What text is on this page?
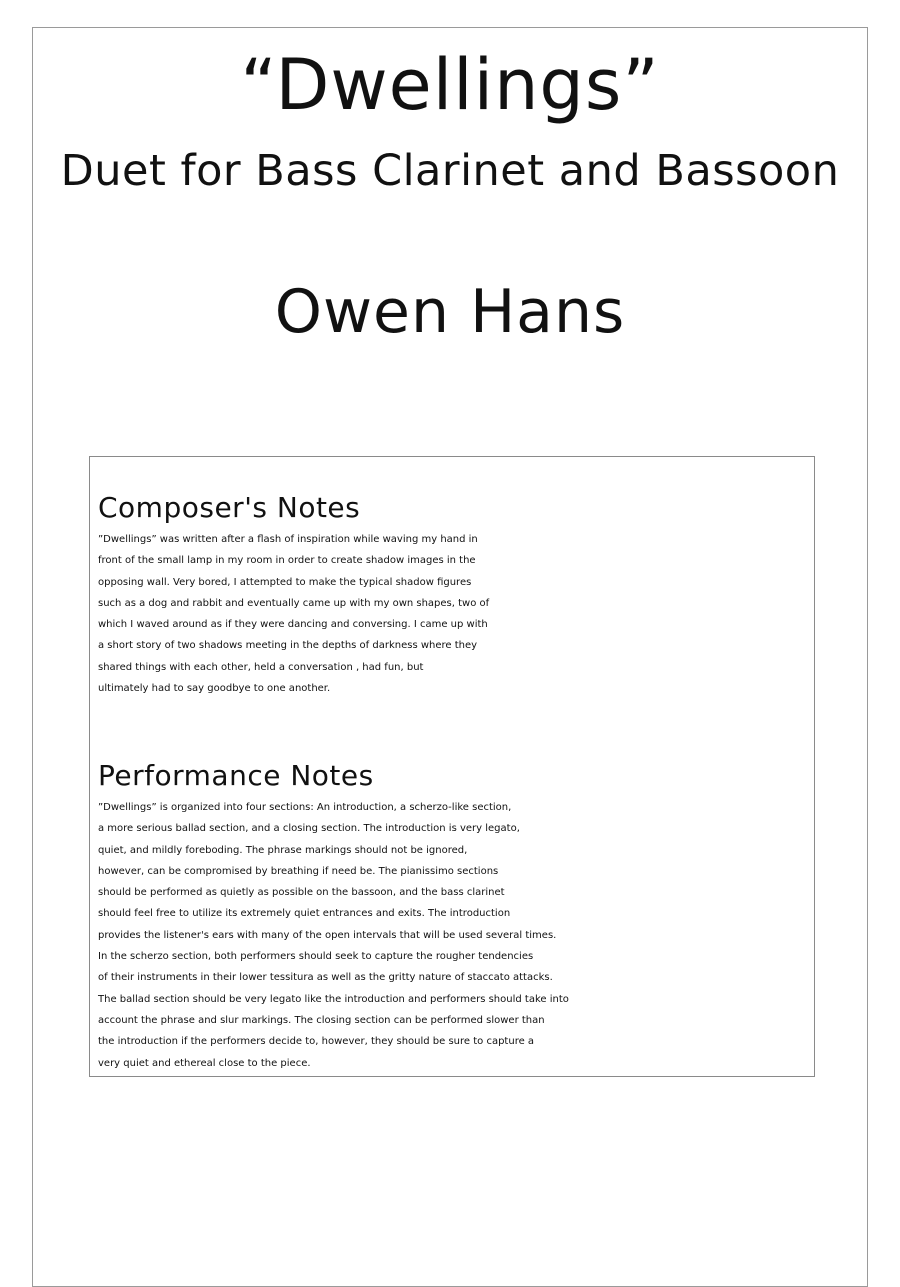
“Dwellings”
Duet for Bass Clarinet and Bassoon
Owen Hans
Composer's Notes
”Dwellings” was written after a flash of inspiration while waving my hand in
front of the small lamp in my room in order to create shadow images in the
opposing wall. Very bored, I attempted to make the typical shadow figures
such as a dog and rabbit and eventually came up with my own shapes, two of
which I waved around as if they were dancing and conversing. I came up with
a short story of two shadows meeting in the depths of darkness where they
shared things with each other, held a conversation , had fun, but
ultimately had to say goodbye to one another.
Performance Notes
”Dwellings” is organized into four sections: An introduction, a scherzo-like section,
a more serious ballad section, and a closing section. The introduction is very legato,
quiet, and mildly foreboding. The phrase markings should not be ignored,
however, can be compromised by breathing if need be. The pianissimo sections
should be performed as quietly as possible on the bassoon, and the bass clarinet
should feel free to utilize its extremely quiet entrances and exits. The introduction
provides the listener's ears with many of the open intervals that will be used several times.
In the scherzo section, both performers should seek to capture the rougher tendencies
of their instruments in their lower tessitura as well as the gritty nature of staccato attacks.
The ballad section should be very legato like the introduction and performers should take into
account the phrase and slur markings. The closing section can be performed slower than
the introduction if the performers decide to, however, they should be sure to capture a
very quiet and ethereal close to the piece.
